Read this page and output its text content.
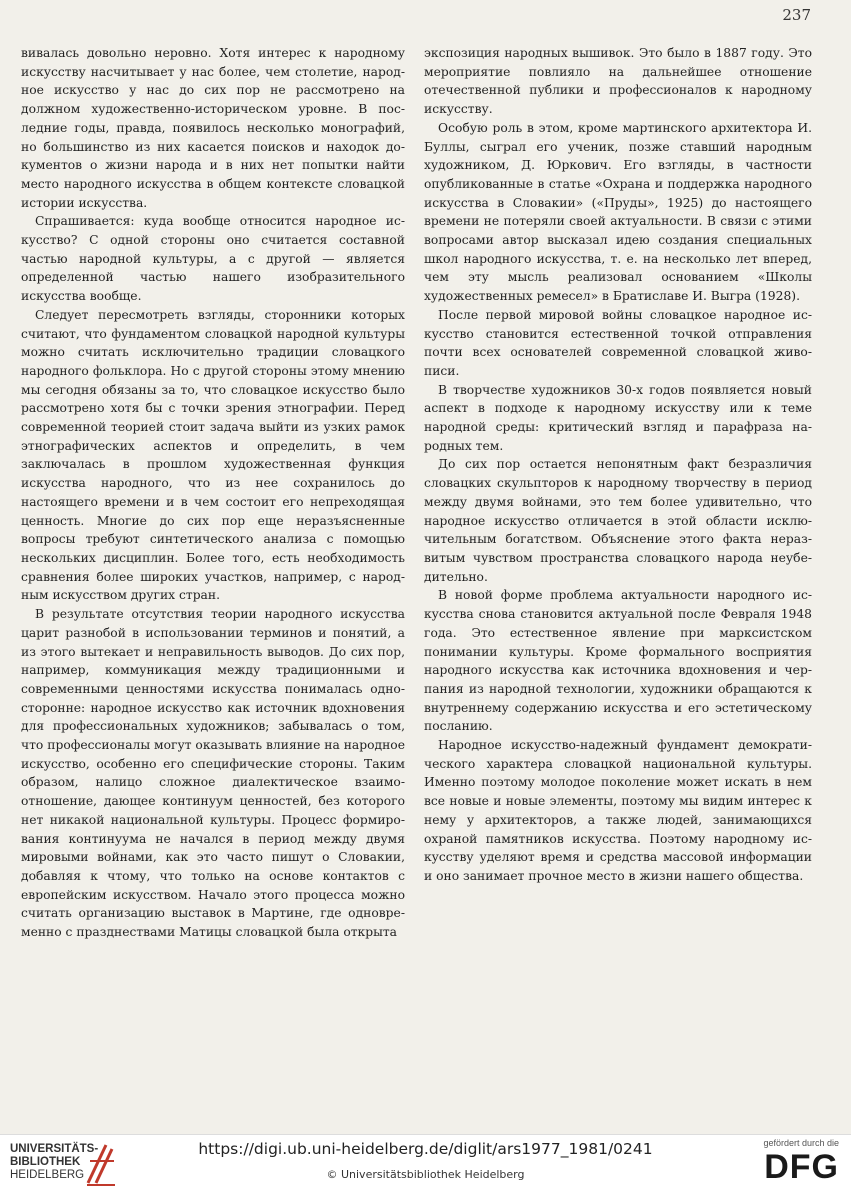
237

вивалась довольно неровно. Хотя интерес к народному искусству насчитывает у нас более, чем столетие, народное искусство у нас до сих пор не рассмотрено на должном художественно-историческом уровне. В последние годы, правда, появилось несколько монографий, но большинство из них касается поисков и находок документов о жизни народа и в них нет попытки найти место народного искусства в общем контексте словацкой истории искусства.

Спрашивается: куда вообще относится народное искусство? С одной стороны оно считается составной частью народной культуры, а с другой — является определенной частью нашего изобразительного искусства вообще.

Следует пересмотреть взгляды, сторонники которых считают, что фундаментом словацкой народной культуры можно считать исключительно традиции словацкого народного фольклора. Но с другой стороны этому мнению мы сегодня обязаны за то, что словацкое искусство было рассмотрено хотя бы с точки зрения этнографии. Перед современной теорией стоит задача выйти из узких рамок этнографических аспектов и определить, в чем заключалась в прошлом художественная функция искусства народного, что из нее сохранилось до настоящего времени и в чем состоит его непреходящая ценность. Многие до сих пор еще неразъясненные вопросы требуют синтетического анализа с помощью нескольких дисциплин. Более того, есть необходимость сравнения более широких участков, например, с народным искусством других стран.

В результате отсутствия теории народного искусства царит разнобой в использовании терминов и понятий, а из этого вытекает и неправильность выводов. До сих пор, например, коммуникация между традиционными и современными ценностями искусства понималась односторонне: народное искусство как источник вдохновения для профессиональных художников; забывалась о том, что профессионалы могут оказывать влияние на народное искусство, особенно его специфические стороны. Таким образом, налицо сложное диалектическое взаимоотношение, дающее континуум ценностей, без которого нет никакой национальной культуры. Процесс формирования континуума не начался в период между двумя мировыми войнами, как это часто пишут о Словакии, добавляя к чтому, что только на основе контактов с европейским искусством. Начало этого процесса можно считать организацию выставок в Мартине, где одновременно с празднествами Матицы словацкой была открыта

экспозиция народных вышивок. Это было в 1887 году. Это мероприятие повлияло на дальнейшее отношение отечественной публики и профессионалов к народному искусству.

Особую роль в этом, кроме мартинского архитектора И. Буллы, сыграл его ученик, позже ставший народным художником, Д. Юркович. Его взгляды, в частности опубликованные в статье «Охрана и поддержка народного искусства в Словакии» («Пруды», 1925) до настоящего времени не потеряли своей актуальности. В связи с этими вопросами автор высказал идею создания специальных школ народного искусства, т. е. на несколько лет вперед, чем эту мысль реализовал основанием «Школы художественных ремесел» в Братиславе И. Выгра (1928).

После первой мировой войны словацкое народное искусство становится естественной точкой отправления почти всех основателей современной словацкой живописи.

В творчестве художников 30-х годов появляется новый аспект в подходе к народному искусству или к теме народной среды: критический взгляд и парафраза народных тем.

До сих пор остается непонятным факт безразличия словацких скульпторов к народному творчеству в период между двумя войнами, это тем более удивительно, что народное искусство отличается в этой области исключительным богатством. Объяснение этого факта неразвитым чувством пространства словацкого народа неубедительно.

В новой форме проблема актуальности народного искусства снова становится актуальной после Февраля 1948 года. Это естественное явление при марксистском понимании культуры. Кроме формального восприятия народного искусства как источника вдохновения и черпания из народной технологии, художники обращаются к внутреннему содержанию искусства и его эстетическому посланию.

Народное искусство-надежный фундамент демократического характера словацкой национальной культуры. Именно поэтому молодое поколение может искать в нем все новые и новые элементы, поэтому мы видим интерес к нему у архитекторов, а также людей, занимающихся охраной памятников искусства. Поэтому народному искусству уделяют время и средства массовой информации и оно занимает прочное место в жизни нашего общества.

UNIVERSITÄTS-
BIBLIOTHEK
HEIDELBERG
https://digi.ub.uni-heidelberg.de/diglit/ars1977_1981/0241
© Universitätsbibliothek Heidelberg
gefördert durch die
DFG
